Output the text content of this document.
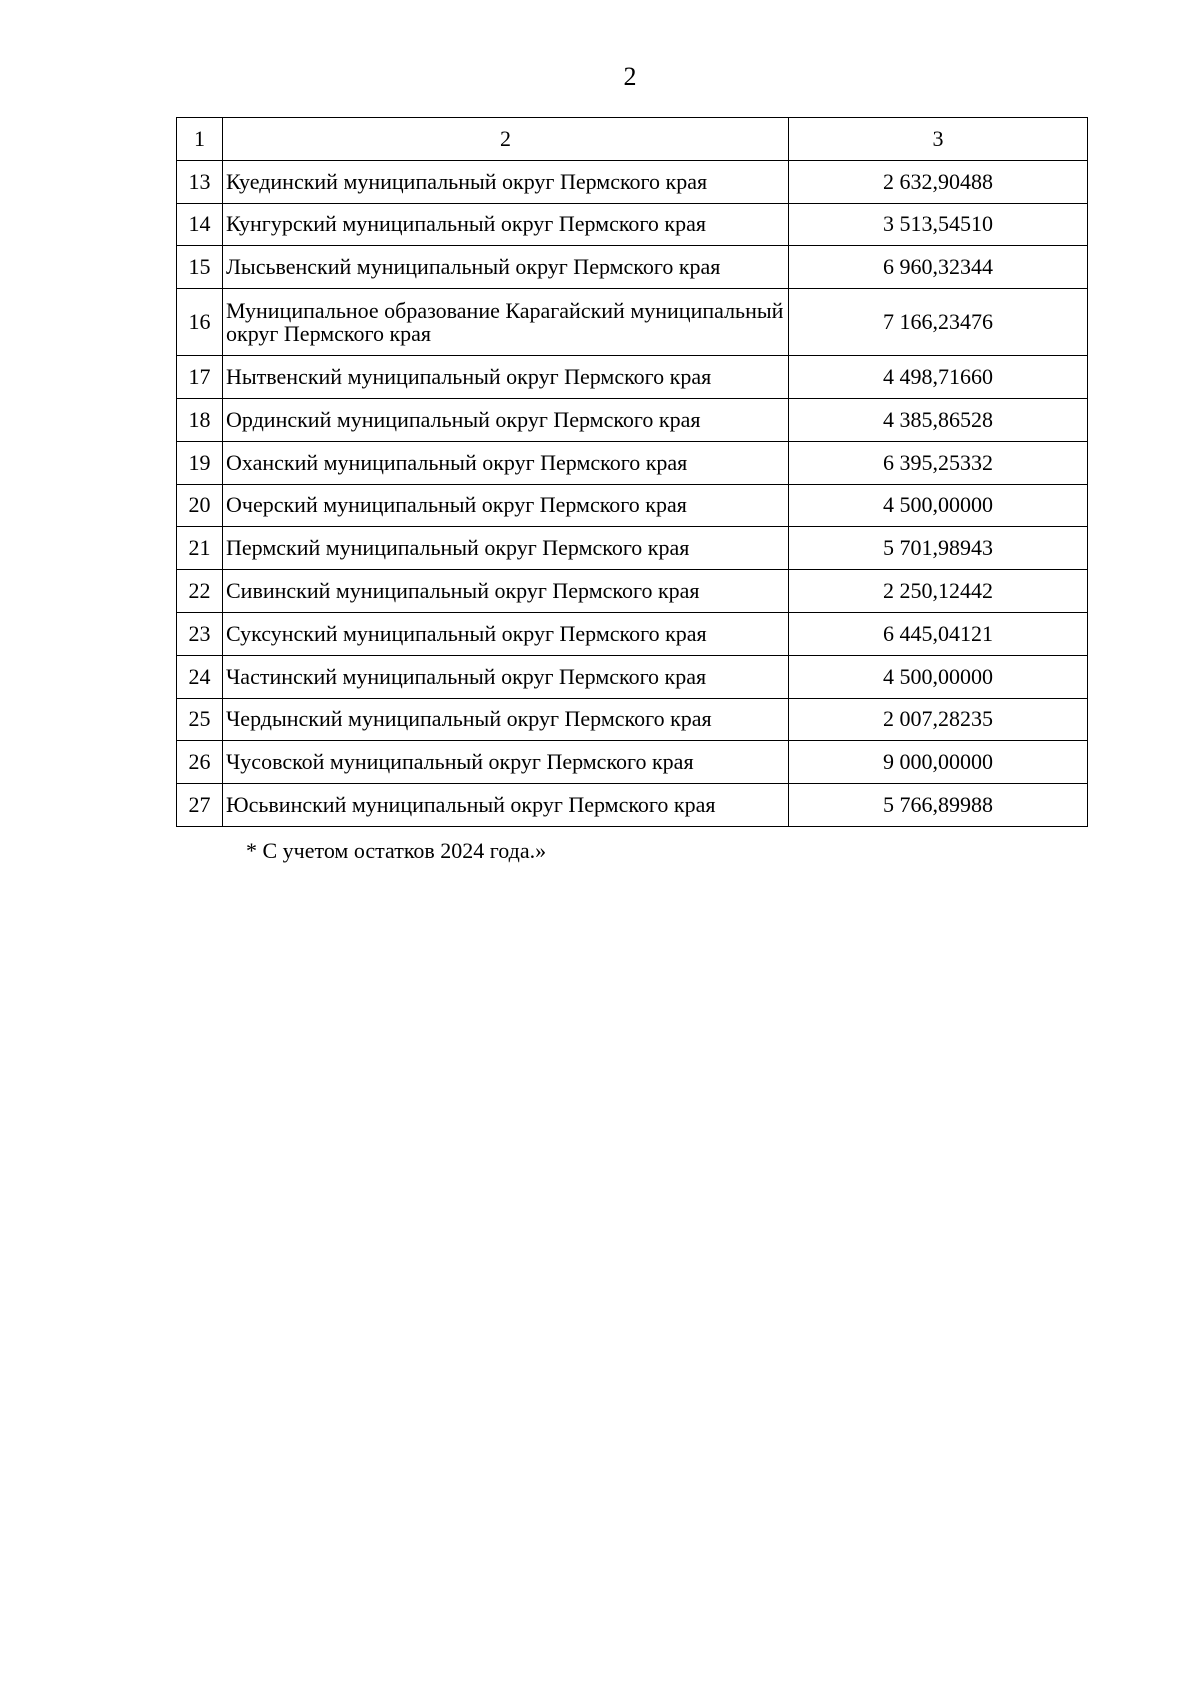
2
1	2	3
13	Куединский муниципальный округ Пермского края	2 632,90488
14	Кунгурский муниципальный округ Пермского края	3 513,54510
15	Лысьвенский муниципальный округ Пермского края	6 960,32344
16	Муниципальное образование Карагайский муниципальный округ Пермского края	7 166,23476
17	Нытвенский муниципальный округ Пермского края	4 498,71660
18	Ординский муниципальный округ Пермского края	4 385,86528
19	Оханский муниципальный округ Пермского края	6 395,25332
20	Очерский муниципальный округ Пермского края	4 500,00000
21	Пермский муниципальный округ Пермского края	5 701,98943
22	Сивинский муниципальный округ Пермского края	2 250,12442
23	Суксунский муниципальный округ Пермского края	6 445,04121
24	Частинский муниципальный округ Пермского края	4 500,00000
25	Чердынский муниципальный округ Пермского края	2 007,28235
26	Чусовской муниципальный округ Пермского края	9 000,00000
27	Юсьвинский муниципальный округ Пермского края	5 766,89988
* С учетом остатков 2024 года.»
